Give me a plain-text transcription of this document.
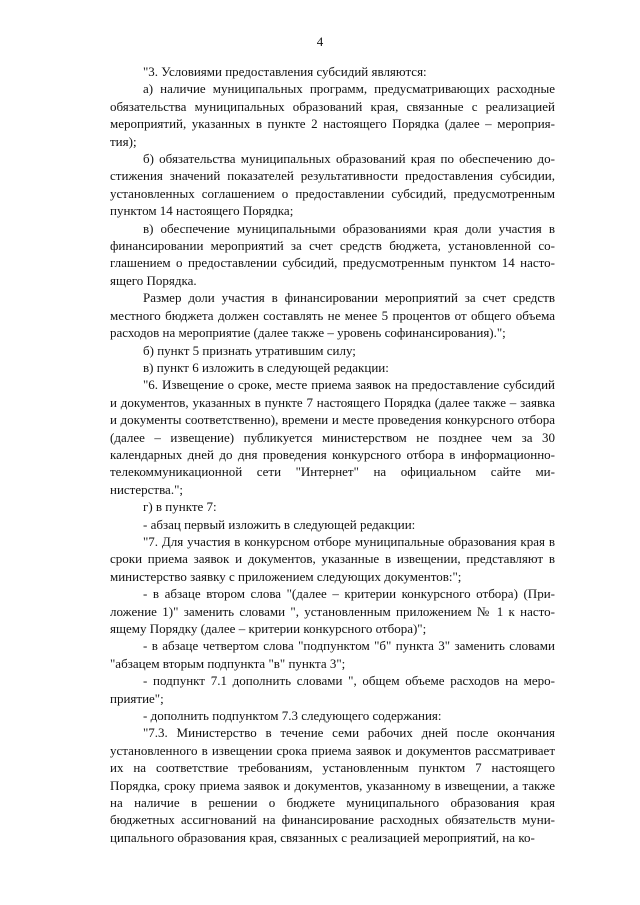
4

"3. Условиями предоставления субсидий являются:

а) наличие муниципальных программ, предусматривающих расходные обязательства муниципальных образований края, связанные с реализацией мероприятий, указанных в пункте 2 настоящего Порядка (далее – мероприятия);

б) обязательства муниципальных образований края по обеспечению достижения значений показателей результативности предоставления субсидии, установленных соглашением о предоставлении субсидий, предусмотренным пунктом 14 настоящего Порядка;

в) обеспечение муниципальными образованиями края доли участия в финансировании мероприятий за счет средств бюджета, установленной соглашением о предоставлении субсидий, предусмотренным пунктом 14 настоящего Порядка.

Размер доли участия в финансировании мероприятий за счет средств местного бюджета должен составлять не менее 5 процентов от общего объема расходов на мероприятие (далее также – уровень софинансирования).";

б) пункт 5 признать утратившим силу;

в) пункт 6 изложить в следующей редакции:

"6. Извещение о сроке, месте приема заявок на предоставление субсидий и документов, указанных в пункте 7 настоящего Порядка (далее также – заявка и документы соответственно), времени и месте проведения конкурсного отбора (далее – извещение) публикуется министерством не позднее чем за 30 календарных дней до дня проведения конкурсного отбора в информационно-телекоммуникационной сети "Интернет" на официальном сайте министерства.";

г) в пункте 7:

- абзац первый изложить в следующей редакции:

"7. Для участия в конкурсном отборе муниципальные образования края в сроки приема заявок и документов, указанные в извещении, представляют в министерство заявку с приложением следующих документов:";

- в абзаце втором слова "(далее – критерии конкурсного отбора) (Приложение 1)" заменить словами ", установленным приложением № 1 к настоящему Порядку (далее – критерии конкурсного отбора)";

- в абзаце четвертом слова "подпунктом "б" пункта 3" заменить словами "абзацем вторым подпункта "в" пункта 3";

- подпункт 7.1 дополнить словами ", общем объеме расходов на мероприятие";

- дополнить подпунктом 7.3 следующего содержания:

"7.3. Министерство в течение семи рабочих дней после окончания установленного в извещении срока приема заявок и документов рассматривает их на соответствие требованиям, установленным пунктом 7 настоящего Порядка, сроку приема заявок и документов, указанному в извещении, а также на наличие в решении о бюджете муниципального образования края бюджетных ассигнований на финансирование расходных обязательств муниципального образования края, связанных с реализацией мероприятий, на ко-
